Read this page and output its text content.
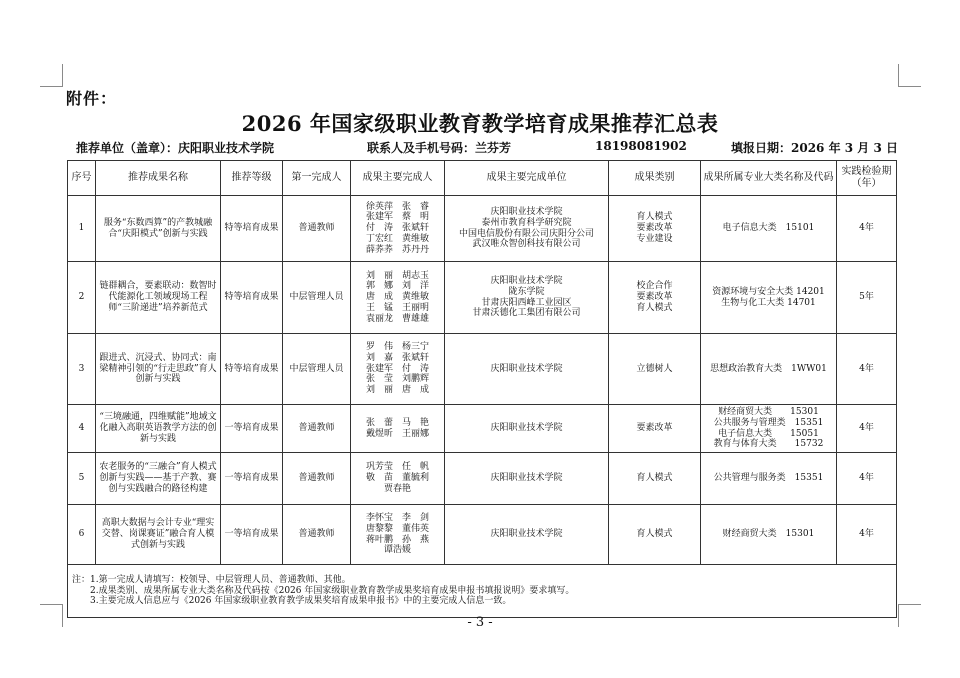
附件：
2026 年国家级职业教育教学培育成果推荐汇总表
推荐单位（盖章）：庆阳职业技术学院	联系人及手机号码：兰芬芳	18198081902	填报日期：2026 年 3 月 3 日
序号	推荐成果名称	推荐等级	第一完成人	成果主要完成人	成果主要完成单位	成果类别	成果所属专业大类名称及代码	实践检验期（年）
1	服务“东数西算”的产教城融合“庆阳模式”创新与实践	特等培育成果	普通教师	徐英萍　张　睿
张建军　蔡　明
付　涛　张斌轩
丁宏红　黄维敏
薛荞荞　苏丹丹	庆阳职业技术学院
泰州市教育科学研究院
中国电信股份有限公司庆阳分公司
武汉唯众智创科技有限公司	育人模式
要素改革
专业建设	电子信息大类　15101	4年
2	链群耦合，要素联动：数智时代能源化工领域现场工程师“三阶递进”培养新范式	特等培育成果	中层管理人员	刘　丽　胡志玉
郭　娜　刘　洋
唐　成　黄维敏
王　锰　王丽明
袁丽龙　曹雄雄	庆阳职业技术学院
陇东学院
甘肃庆阳西峰工业园区
甘肃沃德化工集团有限公司	校企合作
要素改革
育人模式	资源环境与安全大类 14201
生物与化工大类 14701	5年
3	跟进式、沉浸式、协同式：南梁精神引领的“行走思政”育人创新与实践	特等培育成果	中层管理人员	罗　伟　杨三宁
刘　嘉　张斌轩
张建军　付　涛
张　莹　刘鹏辉
刘　丽　唐　成	庆阳职业技术学院	立德树人	思想政治教育大类　1WW01	4年
4	“三境融通，四维赋能”地域文化融入高职英语教学方法的创新与实践	一等培育成果	普通教师	张　蕾　马　艳
戴煜昕　王丽娜	庆阳职业技术学院	要素改革	财经商贸大类　　15301
公共服务与管理类　15351
电子信息大类　　15051
教育与体育大类　　15732	4年
5	农老服务的“三融合”育人模式创新与实践——基于产教、赛创与实践融合的路径构建	一等培育成果	普通教师	巩芳莹　任　帆
敬　苗　董毓利
贾春艳	庆阳职业技术学院	育人模式	公共管理与服务类　15351	4年
6	高职大数据与会计专业“理实交替、岗课赛证”融合育人模式创新与实践	一等培育成果	普通教师	李怀宝　李　剑
唐黎黎　董伟英
蒋叶鹏　孙　燕
谭浩媛	庆阳职业技术学院	育人模式	财经商贸大类　15301	4年

注：1.第一完成人请填写：校领导、中层管理人员、普通教师、其他。
　　2.成果类别、成果所属专业大类名称及代码按《2026 年国家级职业教育教学成果奖培育成果申报书填报说明》要求填写。
　　3.主要完成人信息应与《2026 年国家级职业教育教学成果奖培育成果申报书》中的主要完成人信息一致。								
- 3 -
